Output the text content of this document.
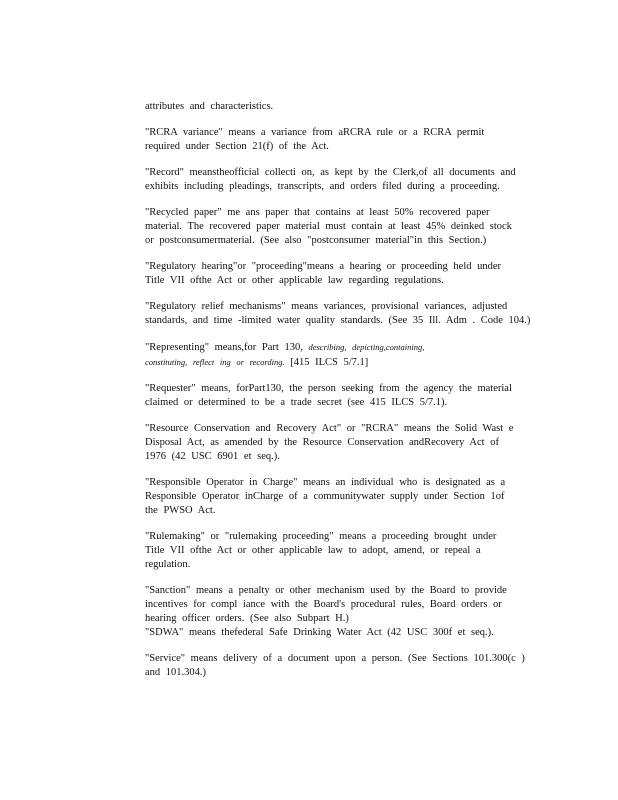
attributes and characteristics.

"RCRA variance" means a variance from aRCRA rule or a RCRA permit
required under Section 21(f) of the Act.

"Record" meanstheofficial collecti on, as kept by the Clerk,of all documents and
exhibits including pleadings, transcripts, and orders filed during a proceeding.

"Recycled paper" me ans paper that contains at least 50% recovered paper
material. The recovered paper material must contain at least 45% deinked stock
or postconsumermaterial. (See also "postconsumer material"in this Section.)

"Regulatory hearing"or "proceeding"means a hearing or proceeding held under
Title VII ofthe Act or other applicable law regarding regulations.

"Regulatory relief mechanisms" means variances, provisional variances, adjusted
standards, and time -limited water quality standards. (See 35 Ill. Adm . Code 104.)

"Representing" means,for Part 130, describing, depicting,containing,
constituting, reflect ing or recording. [415 ILCS 5/7.1]

"Requester" means, forPart130, the person seeking from the agency the material
claimed or determined to be a trade secret (see 415 ILCS 5/7.1).

"Resource Conservation and Recovery Act" or "RCRA" means the Solid Wast e
Disposal Act, as amended by the Resource Conservation andRecovery Act of
1976 (42 USC 6901 et seq.).

"Responsible Operator in Charge" means an individual who is designated as a
Responsible Operator inCharge of a communitywater supply under Section 1of
the PWSO Act.

"Rulemaking" or "rulemaking proceeding" means a proceeding brought under
Title VII ofthe Act or other applicable law to adopt, amend, or repeal a
regulation.

"Sanction" means a penalty or other mechanism used by the Board to provide
incentives for compl iance with the Board's procedural rules, Board orders or
hearing officer orders. (See also Subpart H.)

"SDWA" means thefederal Safe Drinking Water Act (42 USC 300f et seq.).

"Service" means delivery of a document upon a person. (See Sections 101.300(c )
and 101.304.)
